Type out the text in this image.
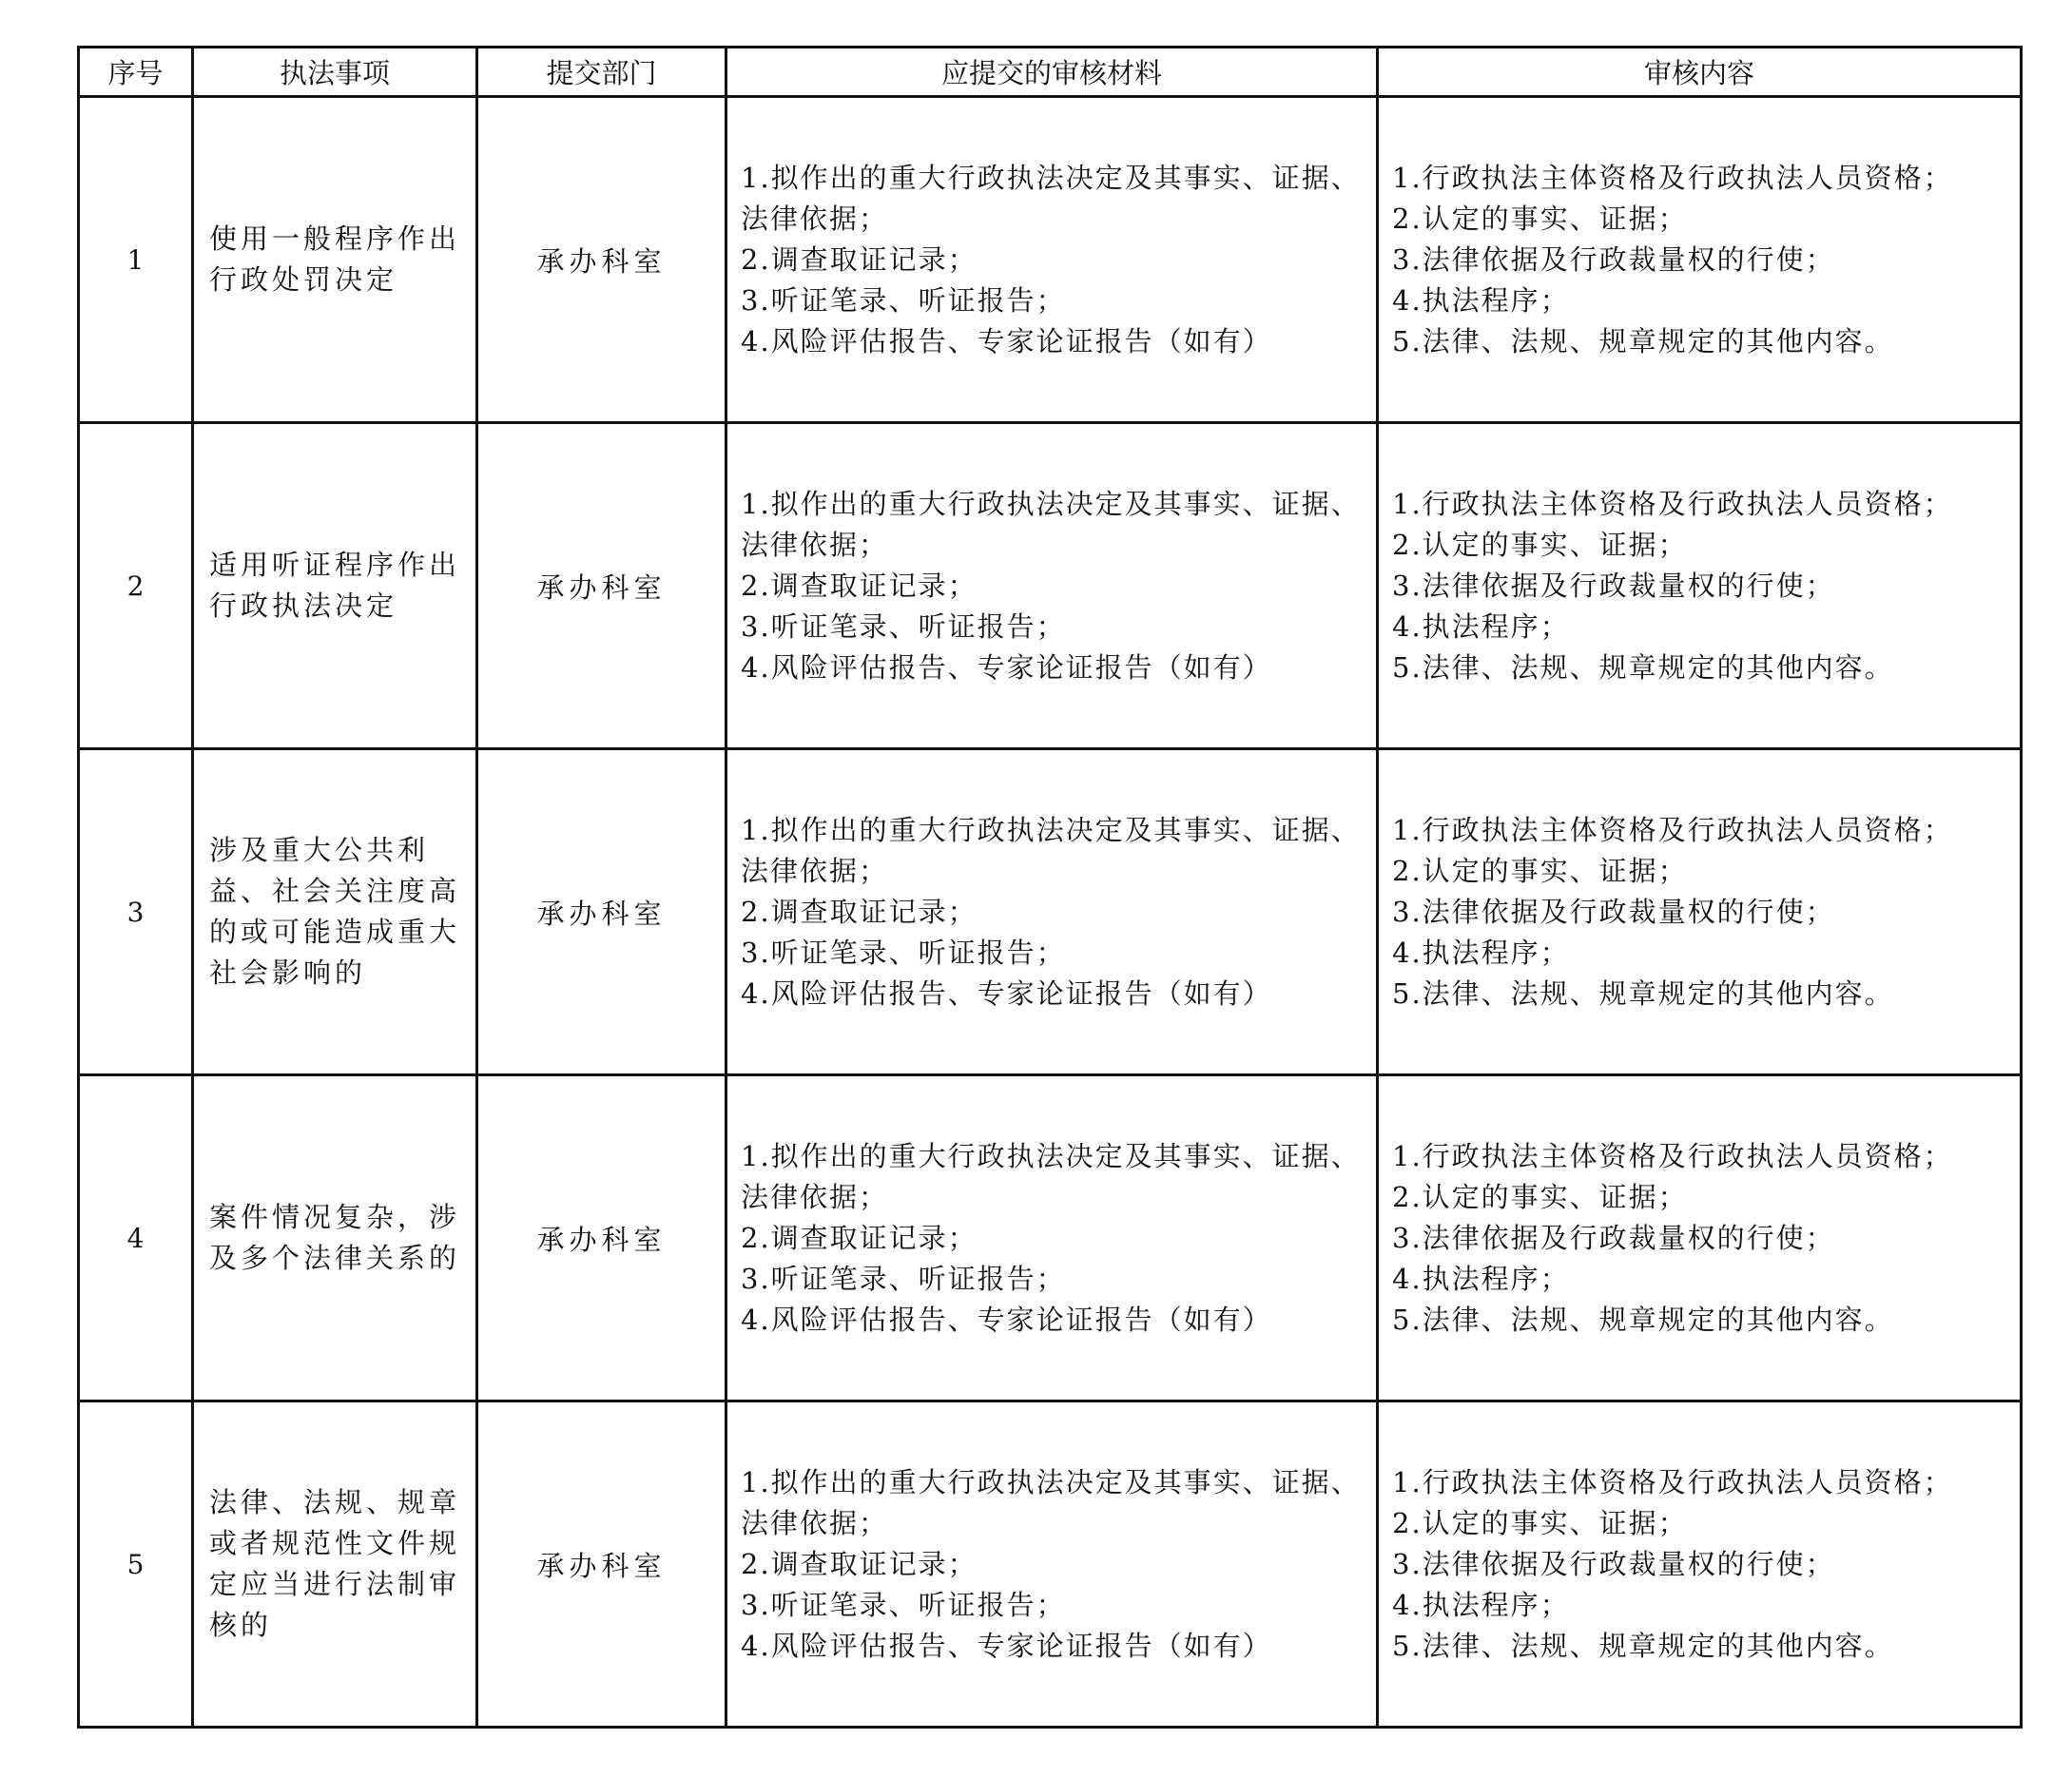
序号	执法事项	提交部门	应提交的审核材料	审核内容
1	使用一般程序作出行政处罚决定	承办科室	1.拟作出的重大行政执法决定及其事实、证据、法律依据；
2.调查取证记录；
3.听证笔录、听证报告；
4.风险评估报告、专家论证报告（如有）	1.行政执法主体资格及行政执法人员资格；
2.认定的事实、证据；
3.法律依据及行政裁量权的行使；
4.执法程序；
5.法律、法规、规章规定的其他内容。

2	适用听证程序作出行政执法决定	承办科室	1.拟作出的重大行政执法决定及其事实、证据、法律依据；
2.调查取证记录；
3.听证笔录、听证报告；
4.风险评估报告、专家论证报告（如有）	1.行政执法主体资格及行政执法人员资格；
2.认定的事实、证据；
3.法律依据及行政裁量权的行使；
4.执法程序；
5.法律、法规、规章规定的其他内容。

3	涉及重大公共利益、社会关注度高的或可能造成重大社会影响的	承办科室	1.拟作出的重大行政执法决定及其事实、证据、法律依据；
2.调查取证记录；
3.听证笔录、听证报告；
4.风险评估报告、专家论证报告（如有）	1.行政执法主体资格及行政执法人员资格；
2.认定的事实、证据；
3.法律依据及行政裁量权的行使；
4.执法程序；
5.法律、法规、规章规定的其他内容。

4	案件情况复杂，涉及多个法律关系的	承办科室	1.拟作出的重大行政执法决定及其事实、证据、法律依据；
2.调查取证记录；
3.听证笔录、听证报告；
4.风险评估报告、专家论证报告（如有）	1.行政执法主体资格及行政执法人员资格；
2.认定的事实、证据；
3.法律依据及行政裁量权的行使；
4.执法程序；
5.法律、法规、规章规定的其他内容。

5	法律、法规、规章或者规范性文件规定应当进行法制审核的	承办科室	1.拟作出的重大行政执法决定及其事实、证据、法律依据；
2.调查取证记录；
3.听证笔录、听证报告；
4.风险评估报告、专家论证报告（如有）	1.行政执法主体资格及行政执法人员资格；
2.认定的事实、证据；
3.法律依据及行政裁量权的行使；
4.执法程序；
5.法律、法规、规章规定的其他内容。
